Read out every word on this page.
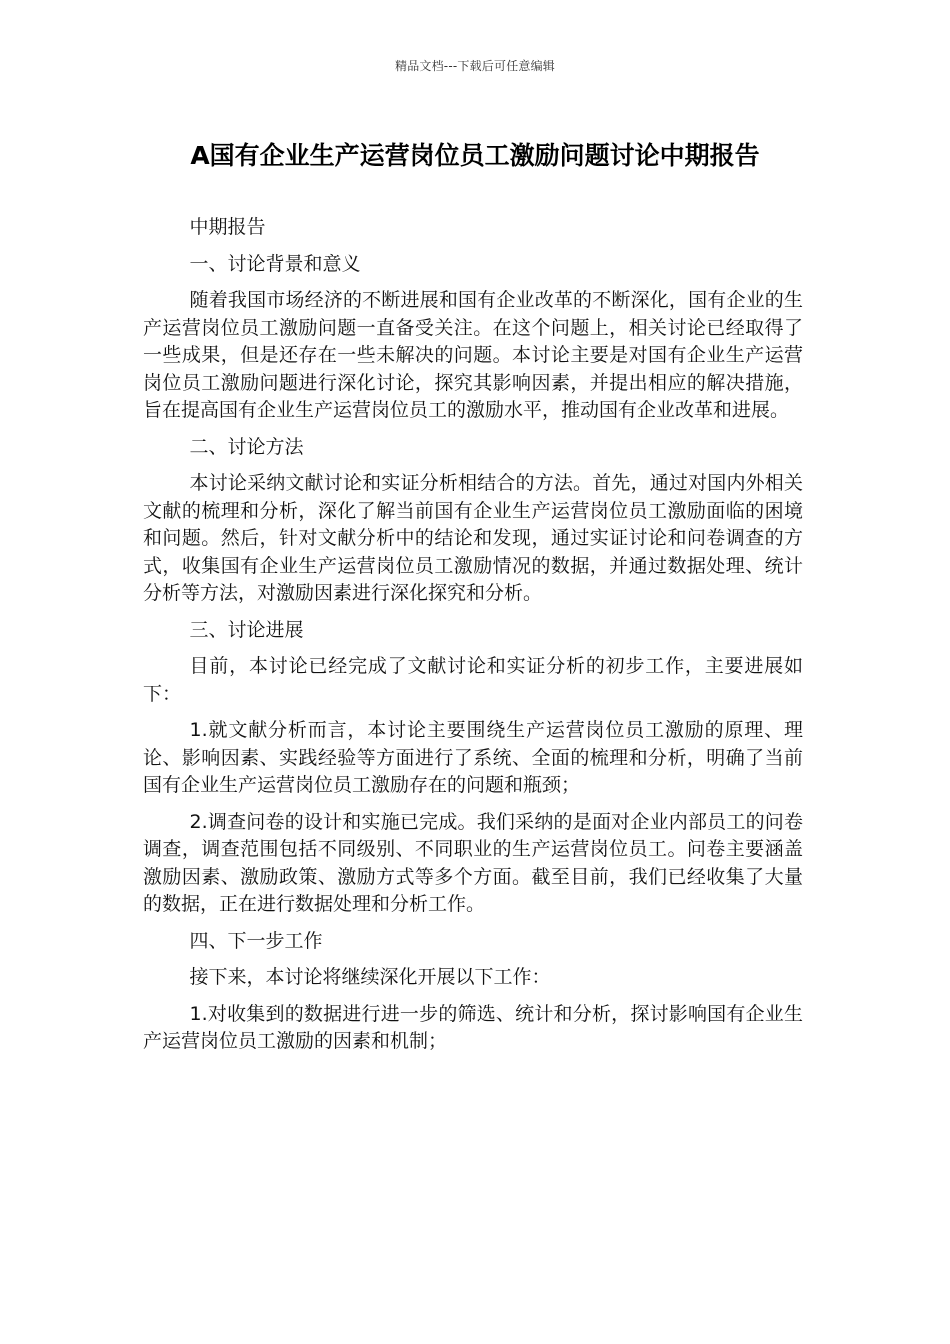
精品文档---下载后可任意编辑
A国有企业生产运营岗位员工激励问题讨论中期报告

中期报告

一、讨论背景和意义

随着我国市场经济的不断进展和国有企业改革的不断深化，国有企业的生产运营岗位员工激励问题一直备受关注。在这个问题上，相关讨论已经取得了一些成果，但是还存在一些未解决的问题。本讨论主要是对国有企业生产运营岗位员工激励问题进行深化讨论，探究其影响因素，并提出相应的解决措施，旨在提高国有企业生产运营岗位员工的激励水平，推动国有企业改革和进展。

二、讨论方法

本讨论采纳文献讨论和实证分析相结合的方法。首先，通过对国内外相关文献的梳理和分析，深化了解当前国有企业生产运营岗位员工激励面临的困境和问题。然后，针对文献分析中的结论和发现，通过实证讨论和问卷调查的方式，收集国有企业生产运营岗位员工激励情况的数据，并通过数据处理、统计分析等方法，对激励因素进行深化探究和分析。

三、讨论进展

目前，本讨论已经完成了文献讨论和实证分析的初步工作，主要进展如下：

1.就文献分析而言，本讨论主要围绕生产运营岗位员工激励的原理、理论、影响因素、实践经验等方面进行了系统、全面的梳理和分析，明确了当前国有企业生产运营岗位员工激励存在的问题和瓶颈；

2.调查问卷的设计和实施已完成。我们采纳的是面对企业内部员工的问卷调查，调查范围包括不同级别、不同职业的生产运营岗位员工。问卷主要涵盖激励因素、激励政策、激励方式等多个方面。截至目前，我们已经收集了大量的数据，正在进行数据处理和分析工作。

四、下一步工作

接下来，本讨论将继续深化开展以下工作：

1.对收集到的数据进行进一步的筛选、统计和分析，探讨影响国有企业生产运营岗位员工激励的因素和机制；
